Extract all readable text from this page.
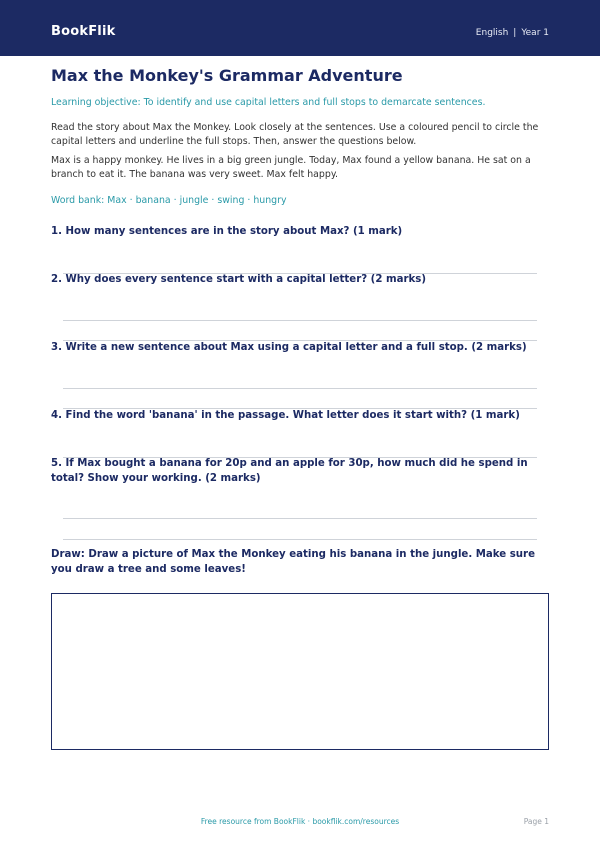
BookFlik	English | Year 1
Max the Monkey's Grammar Adventure
Learning objective: To identify and use capital letters and full stops to demarcate sentences.

Read the story about Max the Monkey. Look closely at the sentences. Use a coloured pencil to circle the capital letters and underline the full stops. Then, answer the questions below.

Max is a happy monkey. He lives in a big green jungle. Today, Max found a yellow banana. He sat on a branch to eat it. The banana was very sweet. Max felt happy.

Word bank: Max · banana · jungle · swing · hungry

1. How many sentences are in the story about Max? (1 mark)

2. Why does every sentence start with a capital letter? (2 marks)

3. Write a new sentence about Max using a capital letter and a full stop. (2 marks)

4. Find the word 'banana' in the passage. What letter does it start with? (1 mark)

5. If Max bought a banana for 20p and an apple for 30p, how much did he spend in total? Show your working. (2 marks)

Draw: Draw a picture of Max the Monkey eating his banana in the jungle. Make sure you draw a tree and some leaves!

Free resource from BookFlik · bookflik.com/resources	Page 1
